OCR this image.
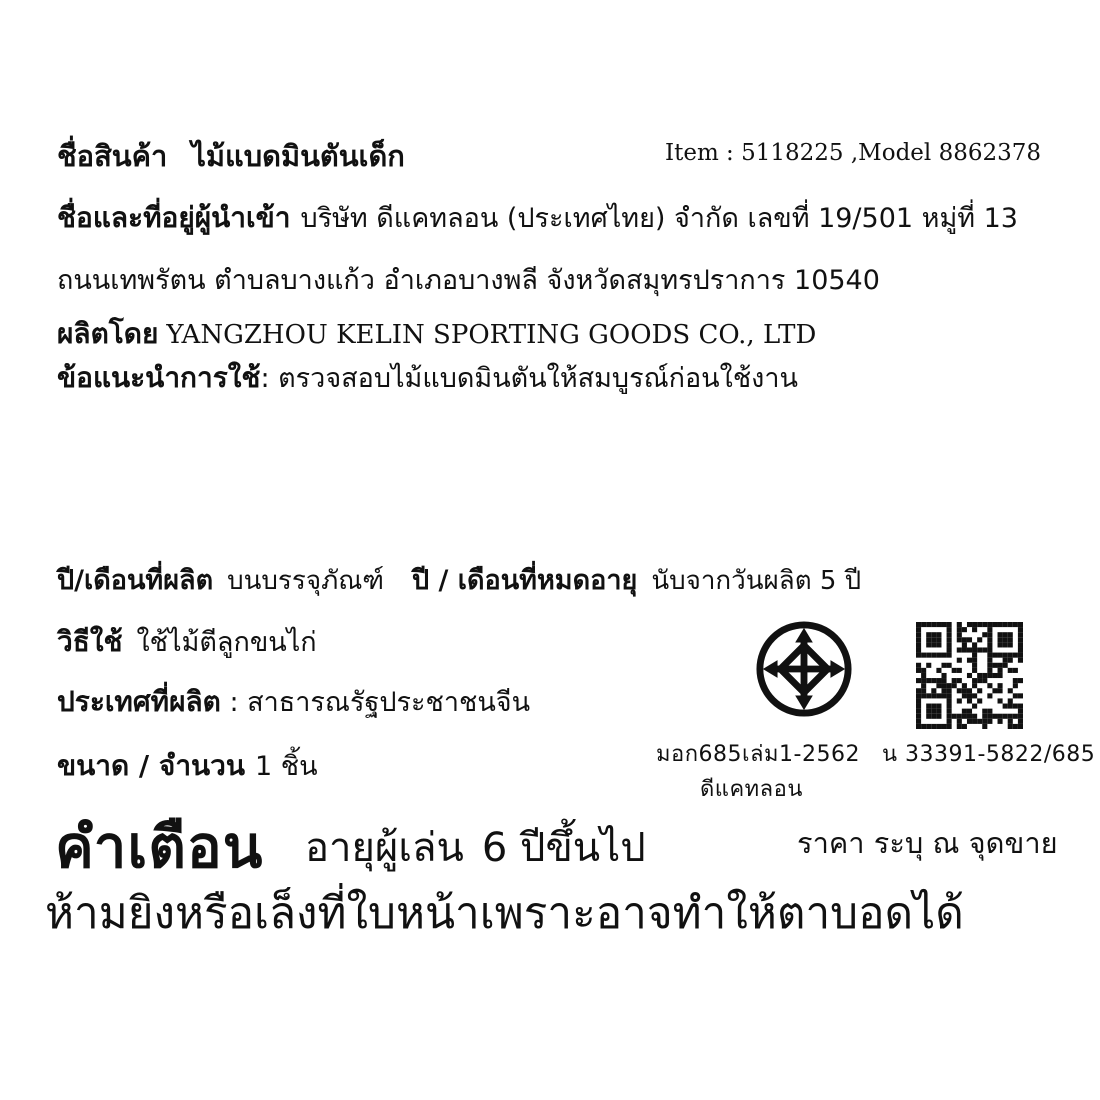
ชื่อสินค้า ไม้แบดมินตันเด็ก	Item : 5118225 ,Model 8862378
ชื่อและที่อยู่ผู้นำเข้า บริษัท ดีแคทลอน (ประเทศไทย) จำกัด เลขที่ 19/501 หมู่ที่ 13
ถนนเทพรัตน ตำบลบางแก้ว อำเภอบางพลี จังหวัดสมุทรปราการ 10540
ผลิตโดย YANGZHOU KELIN SPORTING GOODS CO., LTD
ข้อแนะนำการใช้: ตรวจสอบไม้แบดมินตันให้สมบูรณ์ก่อนใช้งาน
ปี/เดือนที่ผลิต บนบรรจุภัณฑ์ ปี / เดือนที่หมดอายุ นับจากวันผลิต 5 ปี
วิธีใช้ ใช้ไม้ตีลูกขนไก่
ประเทศที่ผลิต : สาธารณรัฐประชาชนจีน
ขนาด / จำนวน 1 ชิ้น	มอก685เล่ม1-2562 น 33391-5822/685
ดีแคทลอน
คำเตือน อายุผู้เล่น 6 ปีขึ้นไป	ราคา ระบุ ณ จุดขาย
ห้ามยิงหรือเล็งที่ใบหน้าเพราะอาจทำให้ตาบอดได้
